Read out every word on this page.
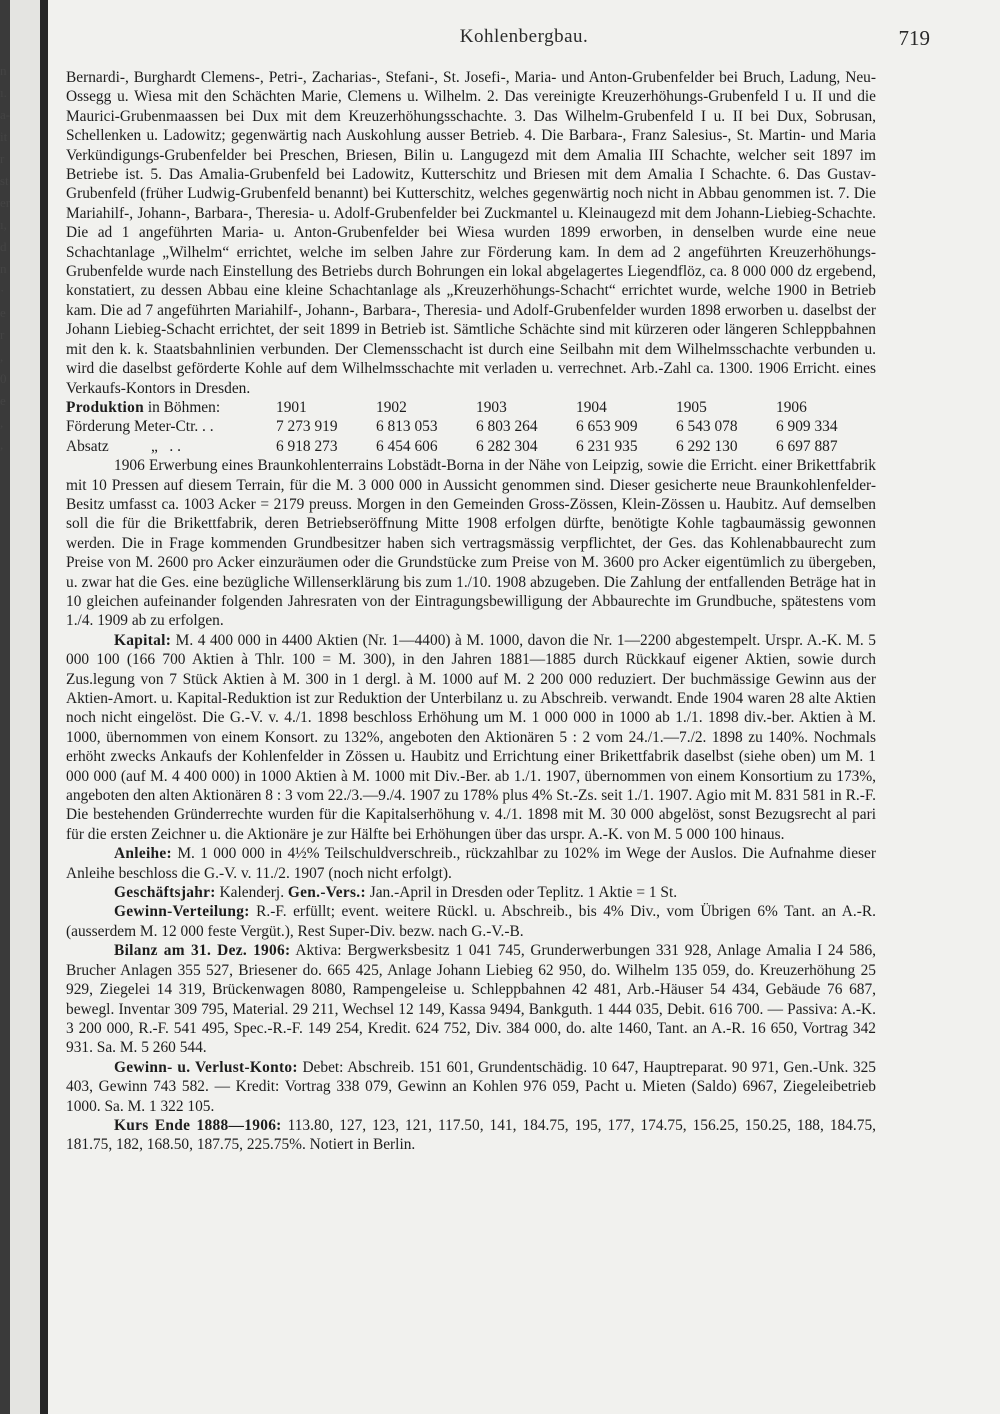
n
ı.
a-
it
r
st
er
ı,
d
n
·
e
r
,
0
e
,
,
Kohlenbergbau.	719

Bernardi-, Burghardt Clemens-, Petri-, Zacharias-, Stefani-, St. Josefi-, Maria- und Anton-Grubenfelder bei Bruch, Ladung, Neu-Ossegg u. Wiesa mit den Schächten Marie, Clemens u. Wilhelm. 2. Das vereinigte Kreuzerhöhungs-Grubenfeld I u. II und die Maurici-Grubenmaassen bei Dux mit dem Kreuzerhöhungsschachte. 3. Das Wilhelm-Grubenfeld I u. II bei Dux, Sobrusan, Schellenken u. Ladowitz; gegenwärtig nach Auskohlung ausser Betrieb. 4. Die Barbara-, Franz Salesius-, St. Martin- und Maria Verkündigungs-Grubenfelder bei Preschen, Briesen, Bilin u. Langugezd mit dem Amalia III Schachte, welcher seit 1897 im Betriebe ist. 5. Das Amalia-Grubenfeld bei Ladowitz, Kutterschitz und Briesen mit dem Amalia I Schachte. 6. Das Gustav-Grubenfeld (früher Ludwig-Grubenfeld benannt) bei Kutterschitz, welches gegenwärtig noch nicht in Abbau genommen ist. 7. Die Mariahilf-, Johann-, Barbara-, Theresia- u. Adolf-Grubenfelder bei Zuckmantel u. Kleinaugezd mit dem Johann-Liebieg-Schachte. Die ad 1 angeführten Maria- u. Anton-Grubenfelder bei Wiesa wurden 1899 erworben, in denselben wurde eine neue Schachtanlage „Wilhelm“ errichtet, welche im selben Jahre zur Förderung kam. In dem ad 2 angeführten Kreuzerhöhungs-Grubenfelde wurde nach Einstellung des Betriebs durch Bohrungen ein lokal abgelagertes Liegendflöz, ca. 8 000 000 dz ergebend, konstatiert, zu dessen Abbau eine kleine Schachtanlage als „Kreuzerhöhungs-Schacht“ errichtet wurde, welche 1900 in Betrieb kam. Die ad 7 angeführten Mariahilf-, Johann-, Barbara-, Theresia- und Adolf-Grubenfelder wurden 1898 erworben u. daselbst der Johann Liebieg-Schacht errichtet, der seit 1899 in Betrieb ist. Sämtliche Schächte sind mit kürzeren oder längeren Schleppbahnen mit den k. k. Staatsbahnlinien verbunden. Der Clemensschacht ist durch eine Seilbahn mit dem Wilhelmsschachte verbunden u. wird die daselbst geförderte Kohle auf dem Wilhelmsschachte mit verladen u. verrechnet. Arb.-Zahl ca. 1300. 1906 Erricht. eines Verkaufs-Kontors in Dresden.

Produktion in Böhmen:	1901	1902	1903	1904	1905	1906
Förderung Meter-Ctr. . .	7 273 919	6 813 053	6 803 264	6 653 909	6 543 078	6 909 334
Absatz           „   . .	6 918 273	6 454 606	6 282 304	6 231 935	6 292 130	6 697 887

1906 Erwerbung eines Braunkohlenterrains Lobstädt-Borna in der Nähe von Leipzig, sowie die Erricht. einer Brikettfabrik mit 10 Pressen auf diesem Terrain, für die M. 3 000 000 in Aussicht genommen sind. Dieser gesicherte neue Braunkohlenfelder-Besitz umfasst ca. 1003 Acker = 2179 preuss. Morgen in den Gemeinden Gross-Zössen, Klein-Zössen u. Haubitz. Auf demselben soll die für die Brikettfabrik, deren Betriebseröffnung Mitte 1908 erfolgen dürfte, benötigte Kohle tagbaumässig gewonnen werden. Die in Frage kommenden Grundbesitzer haben sich vertragsmässig verpflichtet, der Ges. das Kohlenabbaurecht zum Preise von M. 2600 pro Acker einzuräumen oder die Grundstücke zum Preise von M. 3600 pro Acker eigentümlich zu übergeben, u. zwar hat die Ges. eine bezügliche Willenserklärung bis zum 1./10. 1908 abzugeben. Die Zahlung der entfallenden Beträge hat in 10 gleichen aufeinander folgenden Jahresraten von der Eintragungsbewilligung der Abbaurechte im Grundbuche, spätestens vom 1./4. 1909 ab zu erfolgen.

Kapital: M. 4 400 000 in 4400 Aktien (Nr. 1—4400) à M. 1000, davon die Nr. 1—2200 abgestempelt. Urspr. A.-K. M. 5 000 100 (166 700 Aktien à Thlr. 100 = M. 300), in den Jahren 1881—1885 durch Rückkauf eigener Aktien, sowie durch Zus.legung von 7 Stück Aktien à M. 300 in 1 dergl. à M. 1000 auf M. 2 200 000 reduziert. Der buchmässige Gewinn aus der Aktien-Amort. u. Kapital-Reduktion ist zur Reduktion der Unterbilanz u. zu Abschreib. verwandt. Ende 1904 waren 28 alte Aktien noch nicht eingelöst. Die G.-V. v. 4./1. 1898 beschloss Erhöhung um M. 1 000 000 in 1000 ab 1./1. 1898 div.-ber. Aktien à M. 1000, übernommen von einem Konsort. zu 132%, angeboten den Aktionären 5 : 2 vom 24./1.—7./2. 1898 zu 140%. Nochmals erhöht zwecks Ankaufs der Kohlenfelder in Zössen u. Haubitz und Errichtung einer Brikettfabrik daselbst (siehe oben) um M. 1 000 000 (auf M. 4 400 000) in 1000 Aktien à M. 1000 mit Div.-Ber. ab 1./1. 1907, übernommen von einem Konsortium zu 173%, angeboten den alten Aktionären 8 : 3 vom 22./3.—9./4. 1907 zu 178% plus 4% St.-Zs. seit 1./1. 1907. Agio mit M. 831 581 in R.-F. Die bestehenden Gründerrechte wurden für die Kapitalserhöhung v. 4./1. 1898 mit M. 30 000 abgelöst, sonst Bezugsrecht al pari für die ersten Zeichner u. die Aktionäre je zur Hälfte bei Erhöhungen über das urspr. A.-K. von M. 5 000 100 hinaus.

Anleihe: M. 1 000 000 in 4½% Teilschuldverschreib., rückzahlbar zu 102% im Wege der Auslos. Die Aufnahme dieser Anleihe beschloss die G.-V. v. 11./2. 1907 (noch nicht erfolgt).

Geschäftsjahr: Kalenderj. Gen.-Vers.: Jan.-April in Dresden oder Teplitz. 1 Aktie = 1 St.

Gewinn-Verteilung: R.-F. erfüllt; event. weitere Rückl. u. Abschreib., bis 4% Div., vom Übrigen 6% Tant. an A.-R. (ausserdem M. 12 000 feste Vergüt.), Rest Super-Div. bezw. nach G.-V.-B.

Bilanz am 31. Dez. 1906: Aktiva: Bergwerksbesitz 1 041 745, Grunderwerbungen 331 928, Anlage Amalia I 24 586, Brucher Anlagen 355 527, Briesener do. 665 425, Anlage Johann Liebieg 62 950, do. Wilhelm 135 059, do. Kreuzerhöhung 25 929, Ziegelei 14 319, Brückenwagen 8080, Rampengeleise u. Schleppbahnen 42 481, Arb.-Häuser 54 434, Gebäude 76 687, bewegl. Inventar 309 795, Material. 29 211, Wechsel 12 149, Kassa 9494, Bankguth. 1 444 035, Debit. 616 700. — Passiva: A.-K. 3 200 000, R.-F. 541 495, Spec.-R.-F. 149 254, Kredit. 624 752, Div. 384 000, do. alte 1460, Tant. an A.-R. 16 650, Vortrag 342 931. Sa. M. 5 260 544.

Gewinn- u. Verlust-Konto: Debet: Abschreib. 151 601, Grundentschädig. 10 647, Hauptreparat. 90 971, Gen.-Unk. 325 403, Gewinn 743 582. — Kredit: Vortrag 338 079, Gewinn an Kohlen 976 059, Pacht u. Mieten (Saldo) 6967, Ziegeleibetrieb 1000. Sa. M. 1 322 105.

Kurs Ende 1888—1906: 113.80, 127, 123, 121, 117.50, 141, 184.75, 195, 177, 174.75, 156.25, 150.25, 188, 184.75, 181.75, 182, 168.50, 187.75, 225.75%. Notiert in Berlin.
